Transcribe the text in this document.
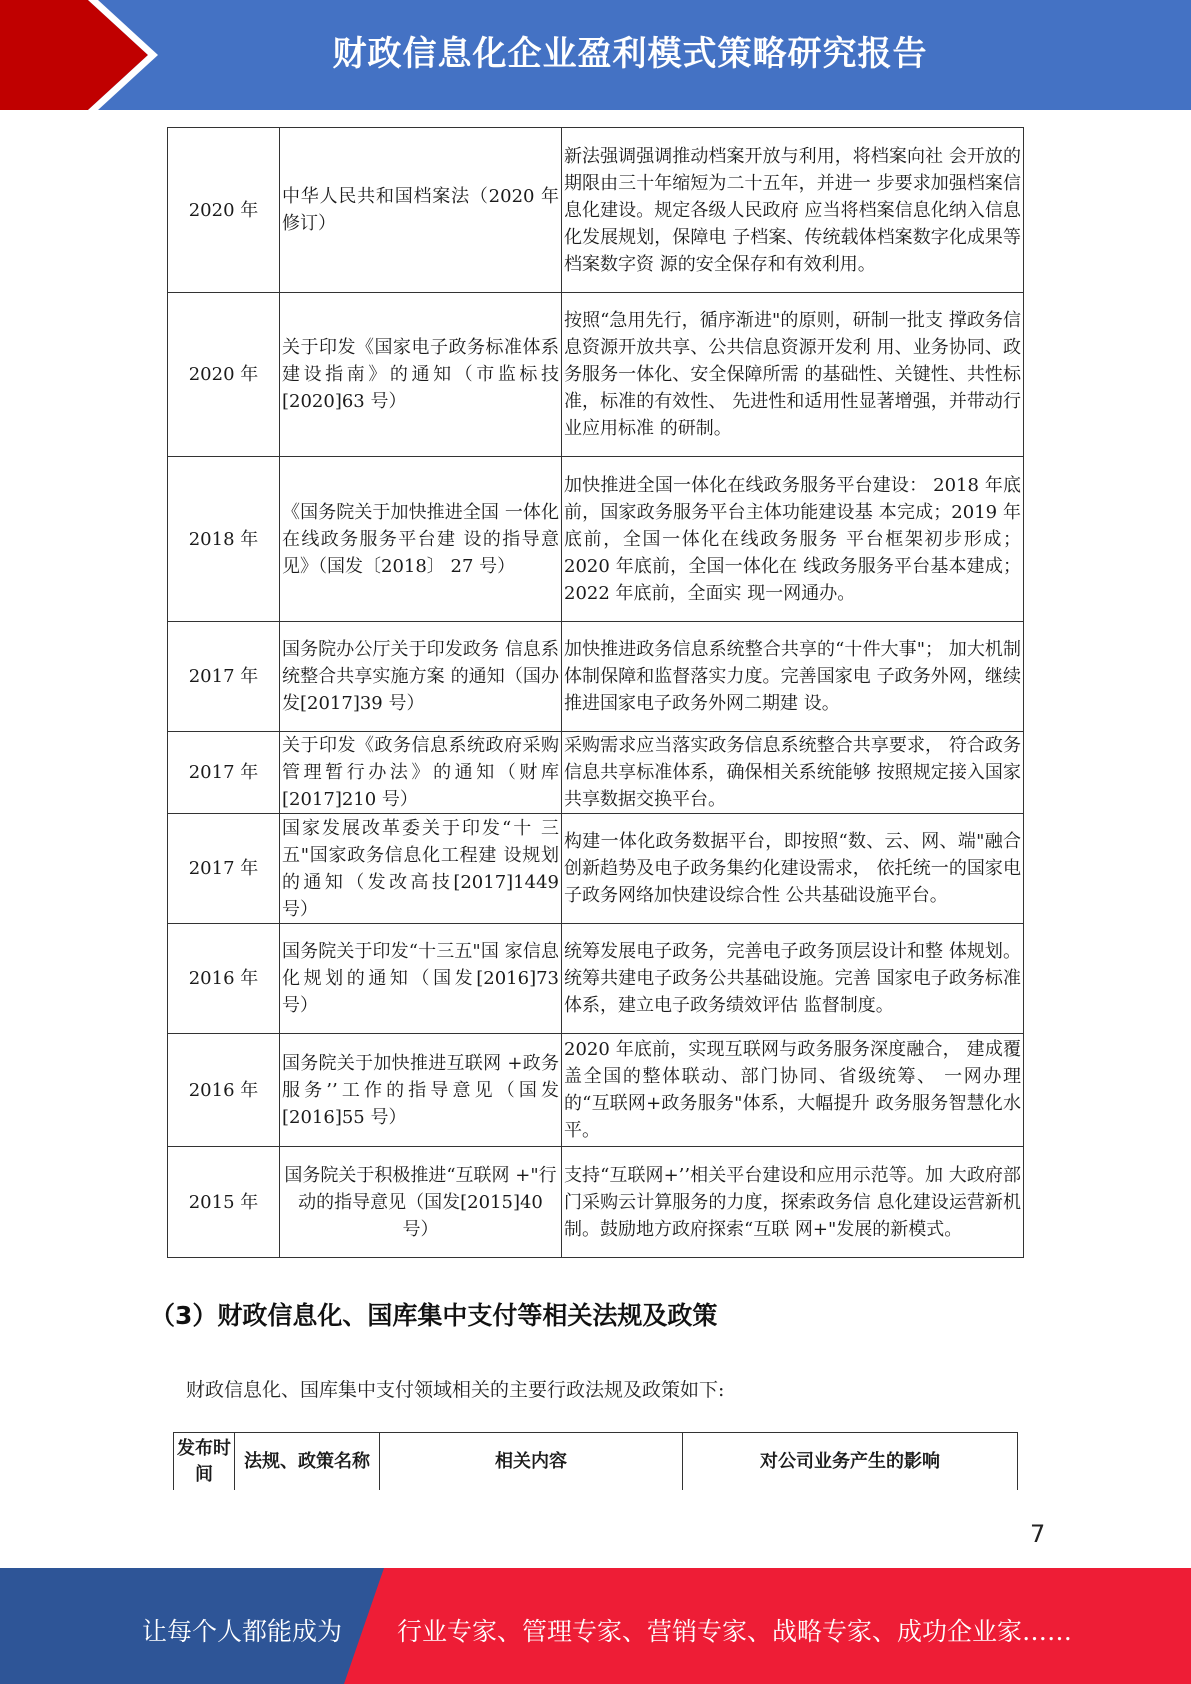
财政信息化企业盈利模式策略研究报告
2020 年	中华人民共和国档案法（2020 年修订）	新法强调强调推动档案开放与利用，将档案向社 会开放的期限由三十年缩短为二十五年，并进一 步要求加强档案信息化建设。规定各级人民政府 应当将档案信息化纳入信息化发展规划，保障电 子档案、传统载体档案数字化成果等档案数字资 源的安全保存和有效利用。
2020 年	关于印发《国家电子政务标准体系建设指南》的通知（市监标技[2020]63 号）	按照“急用先行，循序渐进"的原则，研制一批支 撑政务信息资源开放共享、公共信息资源开发利 用、业务协同、政务服务一体化、安全保障所需 的基础性、关键性、共性标准，标准的有效性、 先进性和适用性显著增强，并带动行业应用标准 的研制。
2018 年	《国务院关于加快推进全国 一体化在线政务服务平台建 设的指导意见》（国发〔2018〕 27 号）	加快推进全国一体化在线政务服务平台建设： 2018 年底前，国家政务服务平台主体功能建设基 本完成；2019 年底前，全国一体化在线政务服务 平台框架初步形成；2020 年底前，全国一体化在 线政务服务平台基本建成；2022 年底前，全面实 现一网通办。
2017 年	国务院办公厅关于印发政务 信息系统整合共享实施方案 的通知（国办发[2017]39 号）	加快推进政务信息系统整合共享的“十件大事"； 加大机制体制保障和监督落实力度。完善国家电 子政务外网，继续推进国家电子政务外网二期建 设。
2017 年	关于印发《政务信息系统政府采购管理暂行办法》的通知（财库[2017]210 号）	采购需求应当落实政务信息系统整合共享要求， 符合政务信息共享标准体系，确保相关系统能够 按照规定接入国家共享数据交换平台。
2017 年	国家发展改革委关于印发“十 三五"国家政务信息化工程建 设规划的通知（发改高技[2017]1449 号）	构建一体化政务数据平台，即按照“数、云、网、端"融合创新趋势及电子政务集约化建设需求， 依托统一的国家电子政务网络加快建设综合性 公共基础设施平台。
2016 年	国务院关于印发“十三五"国 家信息化规划的通知（国发[2016]73 号）	统筹发展电子政务，完善电子政务顶层设计和整 体规划。统筹共建电子政务公共基础设施。完善 国家电子政务标准体系，建立电子政务绩效评估 监督制度。
2016 年	国务院关于加快推进互联网 +政务服务’’工作的指导意见（国发[2016]55 号）	2020 年底前，实现互联网与政务服务深度融合， 建成覆盖全国的整体联动、部门协同、省级统筹、 一网办理的“互联网+政务服务"体系，大幅提升 政务服务智慧化水平。
2015 年	国务院关于积极推进“互联网 +"行动的指导意见（国发[2015]40 号）	支持“互联网+’’相关平台建设和应用示范等。加 大政府部门采购云计算服务的力度，探索政务信 息化建设运营新机制。鼓励地方政府探索“互联 网+"发展的新模式。
（3）财政信息化、国库集中支付等相关法规及政策
财政信息化、国库集中支付领域相关的主要行政法规及政策如下:
发布时间	法规、政策名称	相关内容	对公司业务产生的影响
7
让每个人都能成为 行业专家、管理专家、营销专家、战略专家、成功企业家……
